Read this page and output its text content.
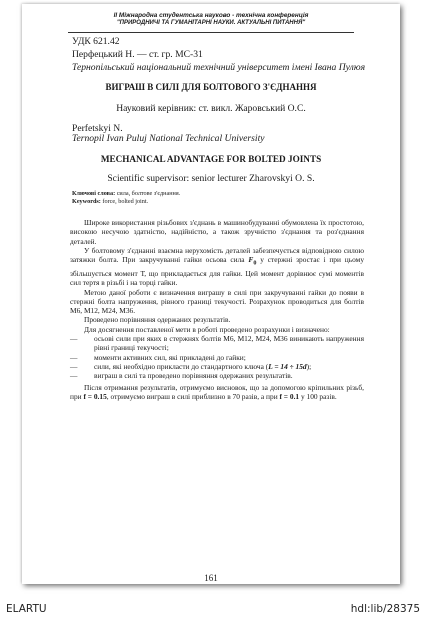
ІІ Міжнародна студентська науково - технічна конференція
"ПРИРОДНИЧІ ТА ГУМАНІТАРНІ НАУКИ. АКТУАЛЬНІ ПИТАННЯ"
УДК 621.42
Перфецький Н. — ст. гр. МС-31
Тернопільський національний технічний університет імені Івана Пулюя
ВИГРАШ В СИЛІ ДЛЯ БОЛТОВОГО З'ЄДНАННЯ
Науковий керівник: ст. викл. Жаровський О.С.
Perfetskyi N.
Ternopil Ivan Puluj National Technical University
MECHANICAL ADVANTAGE FOR BOLTED JOINTS
Scientific supervisor: senior lecturer Zharovskyi O. S.
Ключові слова: сила, болтове з'єднання.
Keywords: force, bolted joint.

Широке використання різьбових з'єднань в машинобудуванні обумовлена їх простотою, високою несучою здатністю, надійністю, а також зручністю з'єднання та роз'єднання деталей.

У болтовому з'єднанні взаємна нерухомість деталей забезпечується відповідною силою затяжки болта. При закручуванні гайки осьова сила $F_0$ у стержні зростає і при цьому збільшується момент Т, що прикладається для гайки. Цей момент дорівнює сумі моментів сил тертя в різьбі і на торці гайки.

Метою даної роботи є визначення виграшу в силі при закручуванні гайки до появи в стержні болта напруження, рівного границі текучості. Розрахунок проводиться для болтів М6, М12, М24, М36.

Проведено порівняння одержаних результатів.

Для досягнення поставленої мети в роботі проведено розрахунки і визначено:

—	осьові сили при яких в стержнях болтів М6, М12, М24, М36 виникають напруження рівні границі текучості;
—	моменти активних сил, які прикладені до гайки;
—	сили, які необхідно прикласти до стандартного ключа (L = 14 ÷ 15d);
—	виграш в силі та проведено порівняння одержаних результатів.

Після отримання результатів, отримуємо висновок, що за допомогою кріпильних різьб, при f = 0.15, отримуємо виграш в силі приблизно в 70 разів, а при f = 0.1 у 100 разів.

161
ELARTU	hdl:lib/28375
